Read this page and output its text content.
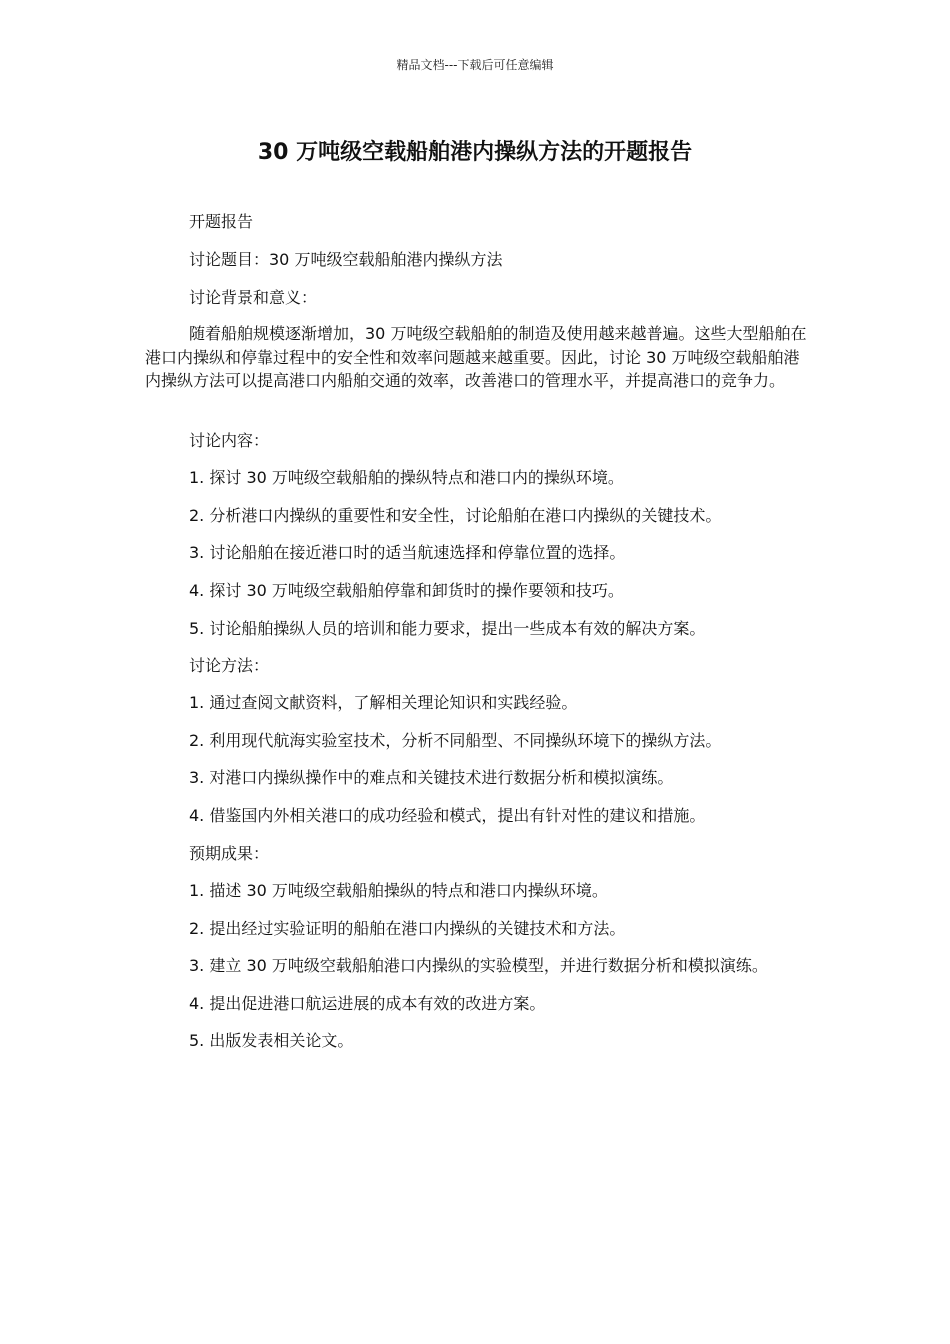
精品文档---下载后可任意编辑
30 万吨级空载船舶港内操纵方法的开题报告
开题报告
讨论题目：30 万吨级空载船舶港内操纵方法
讨论背景和意义：

随着船舶规模逐渐增加，30 万吨级空载船舶的制造及使用越来越普遍。这些大型船舶在港口内操纵和停靠过程中的安全性和效率问题越来越重要。因此，讨论 30 万吨级空载船舶港内操纵方法可以提高港口内船舶交通的效率，改善港口的管理水平，并提高港口的竞争力。

讨论内容：
1. 探讨 30 万吨级空载船舶的操纵特点和港口内的操纵环境。
2. 分析港口内操纵的重要性和安全性，讨论船舶在港口内操纵的关键技术。
3. 讨论船舶在接近港口时的适当航速选择和停靠位置的选择。
4. 探讨 30 万吨级空载船舶停靠和卸货时的操作要领和技巧。
5. 讨论船舶操纵人员的培训和能力要求，提出一些成本有效的解决方案。
讨论方法：
1. 通过查阅文献资料，了解相关理论知识和实践经验。
2. 利用现代航海实验室技术，分析不同船型、不同操纵环境下的操纵方法。
3. 对港口内操纵操作中的难点和关键技术进行数据分析和模拟演练。
4. 借鉴国内外相关港口的成功经验和模式，提出有针对性的建议和措施。
预期成果：
1. 描述 30 万吨级空载船舶操纵的特点和港口内操纵环境。
2. 提出经过实验证明的船舶在港口内操纵的关键技术和方法。
3. 建立 30 万吨级空载船舶港口内操纵的实验模型，并进行数据分析和模拟演练。
4. 提出促进港口航运进展的成本有效的改进方案。
5. 出版发表相关论文。
